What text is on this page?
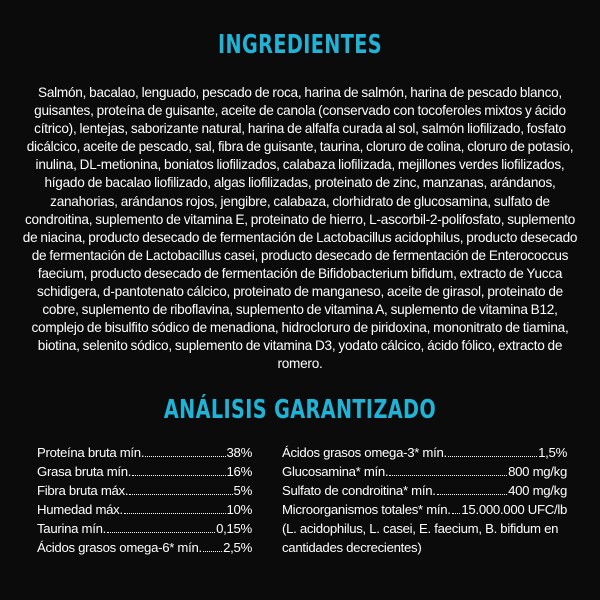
INGREDIENTES

Salmón, bacalao, lenguado, pescado de roca, harina de salmón, harina de pescado blanco, guisantes, proteína de guisante, aceite de canola (conservado con tocoferoles mixtos y ácido cítrico), lentejas, saborizante natural, harina de alfalfa curada al sol, salmón liofilizado, fosfato dicálcico, aceite de pescado, sal, fibra de guisante, taurina, cloruro de colina, cloruro de potasio, inulina, DL-metionina, boniatos liofilizados, calabaza liofilizada, mejillones verdes liofilizados, hígado de bacalao liofilizado, algas liofilizadas, proteinato de zinc, manzanas, arándanos, zanahorias, arándanos rojos, jengibre, calabaza, clorhidrato de glucosamina, sulfato de condroitina, suplemento de vitamina E, proteinato de hierro, L-ascorbil-2-polifosfato, suplemento de niacina, producto desecado de fermentación de Lactobacillus acidophilus, producto desecado de fermentación de Lactobacillus casei, producto desecado de fermentación de Enterococcus faecium, producto desecado de fermentación de Bifidobacterium bifidum, extracto de Yucca schidigera, d-pantotenato cálcico, proteinato de manganeso, aceite de girasol, proteinato de cobre, suplemento de riboflavina, suplemento de vitamina A, suplemento de vitamina B12, complejo de bisulfito sódico de menadiona, hidrocloruro de piridoxina, mononitrato de tiamina, biotina, selenito sódico, suplemento de vitamina D3, yodato cálcico, ácido fólico, extracto de romero.

ANÁLISIS GARANTIZADO
Proteína bruta mín.	38%
Grasa bruta mín.	16%
Fibra bruta máx.	5%
Humedad máx.	10%
Taurina mín.	0,15%
Ácidos grasos omega-6* mín. 2,5%
Ácidos grasos omega-3* mín.	1,5%
Glucosamina* mín.	800 mg/kg
Sulfato de condroitina* mín.	400 mg/kg
Microorganismos totales* mín. 15.000.000 UFC/lb
(L. acidophilus, L. casei, E. faecium, B. bifidum en cantidades decrecientes)
